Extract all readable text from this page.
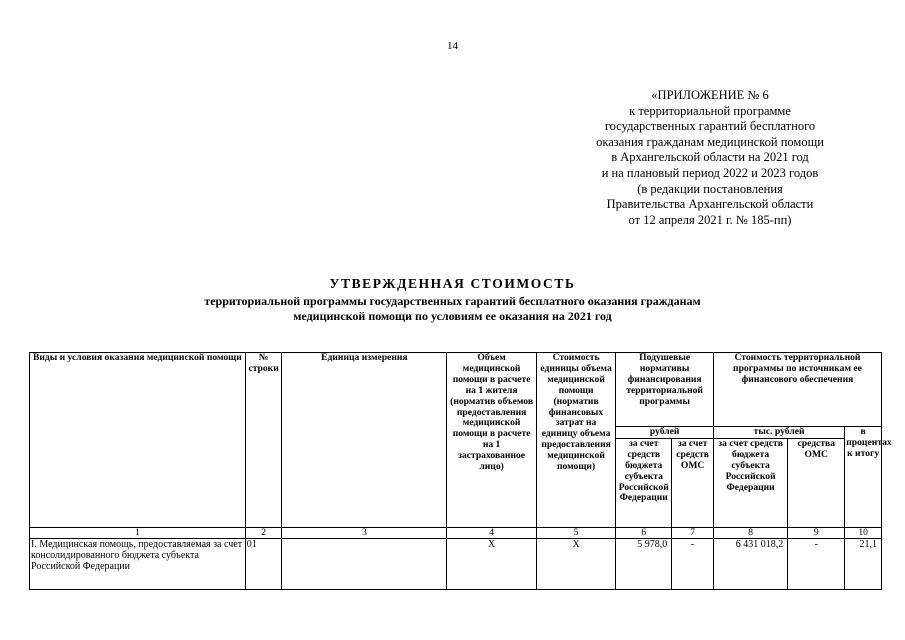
14
«ПРИЛОЖЕНИЕ № 6
к территориальной программе
государственных гарантий бесплатного
оказания гражданам медицинской помощи
в Архангельской области на 2021 год
и на плановый период 2022 и 2023 годов
(в редакции постановления
Правительства Архангельской области
от 12 апреля 2021 г. № 185-пп)
УТВЕРЖДЕННАЯ СТОИМОСТЬ
территориальной программы государственных гарантий бесплатного оказания гражданам
медицинской помощи по условиям ее оказания на 2021 год
Виды и условия оказания медицинской помощи	№ строки	Единица измерения	Объем медицинской помощи в расчете на 1 жителя (норматив объемов предоставления медицинской помощи в расчете на 1 застрахованное лицо)	Стоимость единицы объема медицинской помощи (норматив финансовых затрат на единицу объема предоставления медицинской помощи)	Подушевые нормативы финансирования территориальной программы		Стоимость территориальной программы по источникам ее финансового обеспечения		
					рублей		тыс. рублей		в процентах к итогу
					за счет средств бюджета субъекта Российской Федерации	за счет средств ОМС	за счет средств бюджета субъекта Российской Федерации	средства ОМС	
1	2	3	4	5	6	7	8	9	10
I. Медицинская помощь, предоставляемая за счет консолидированного бюджета субъекта Российской Федерации	01		Х	Х	5 978,0	-	6 431 018,2	-	21,1
